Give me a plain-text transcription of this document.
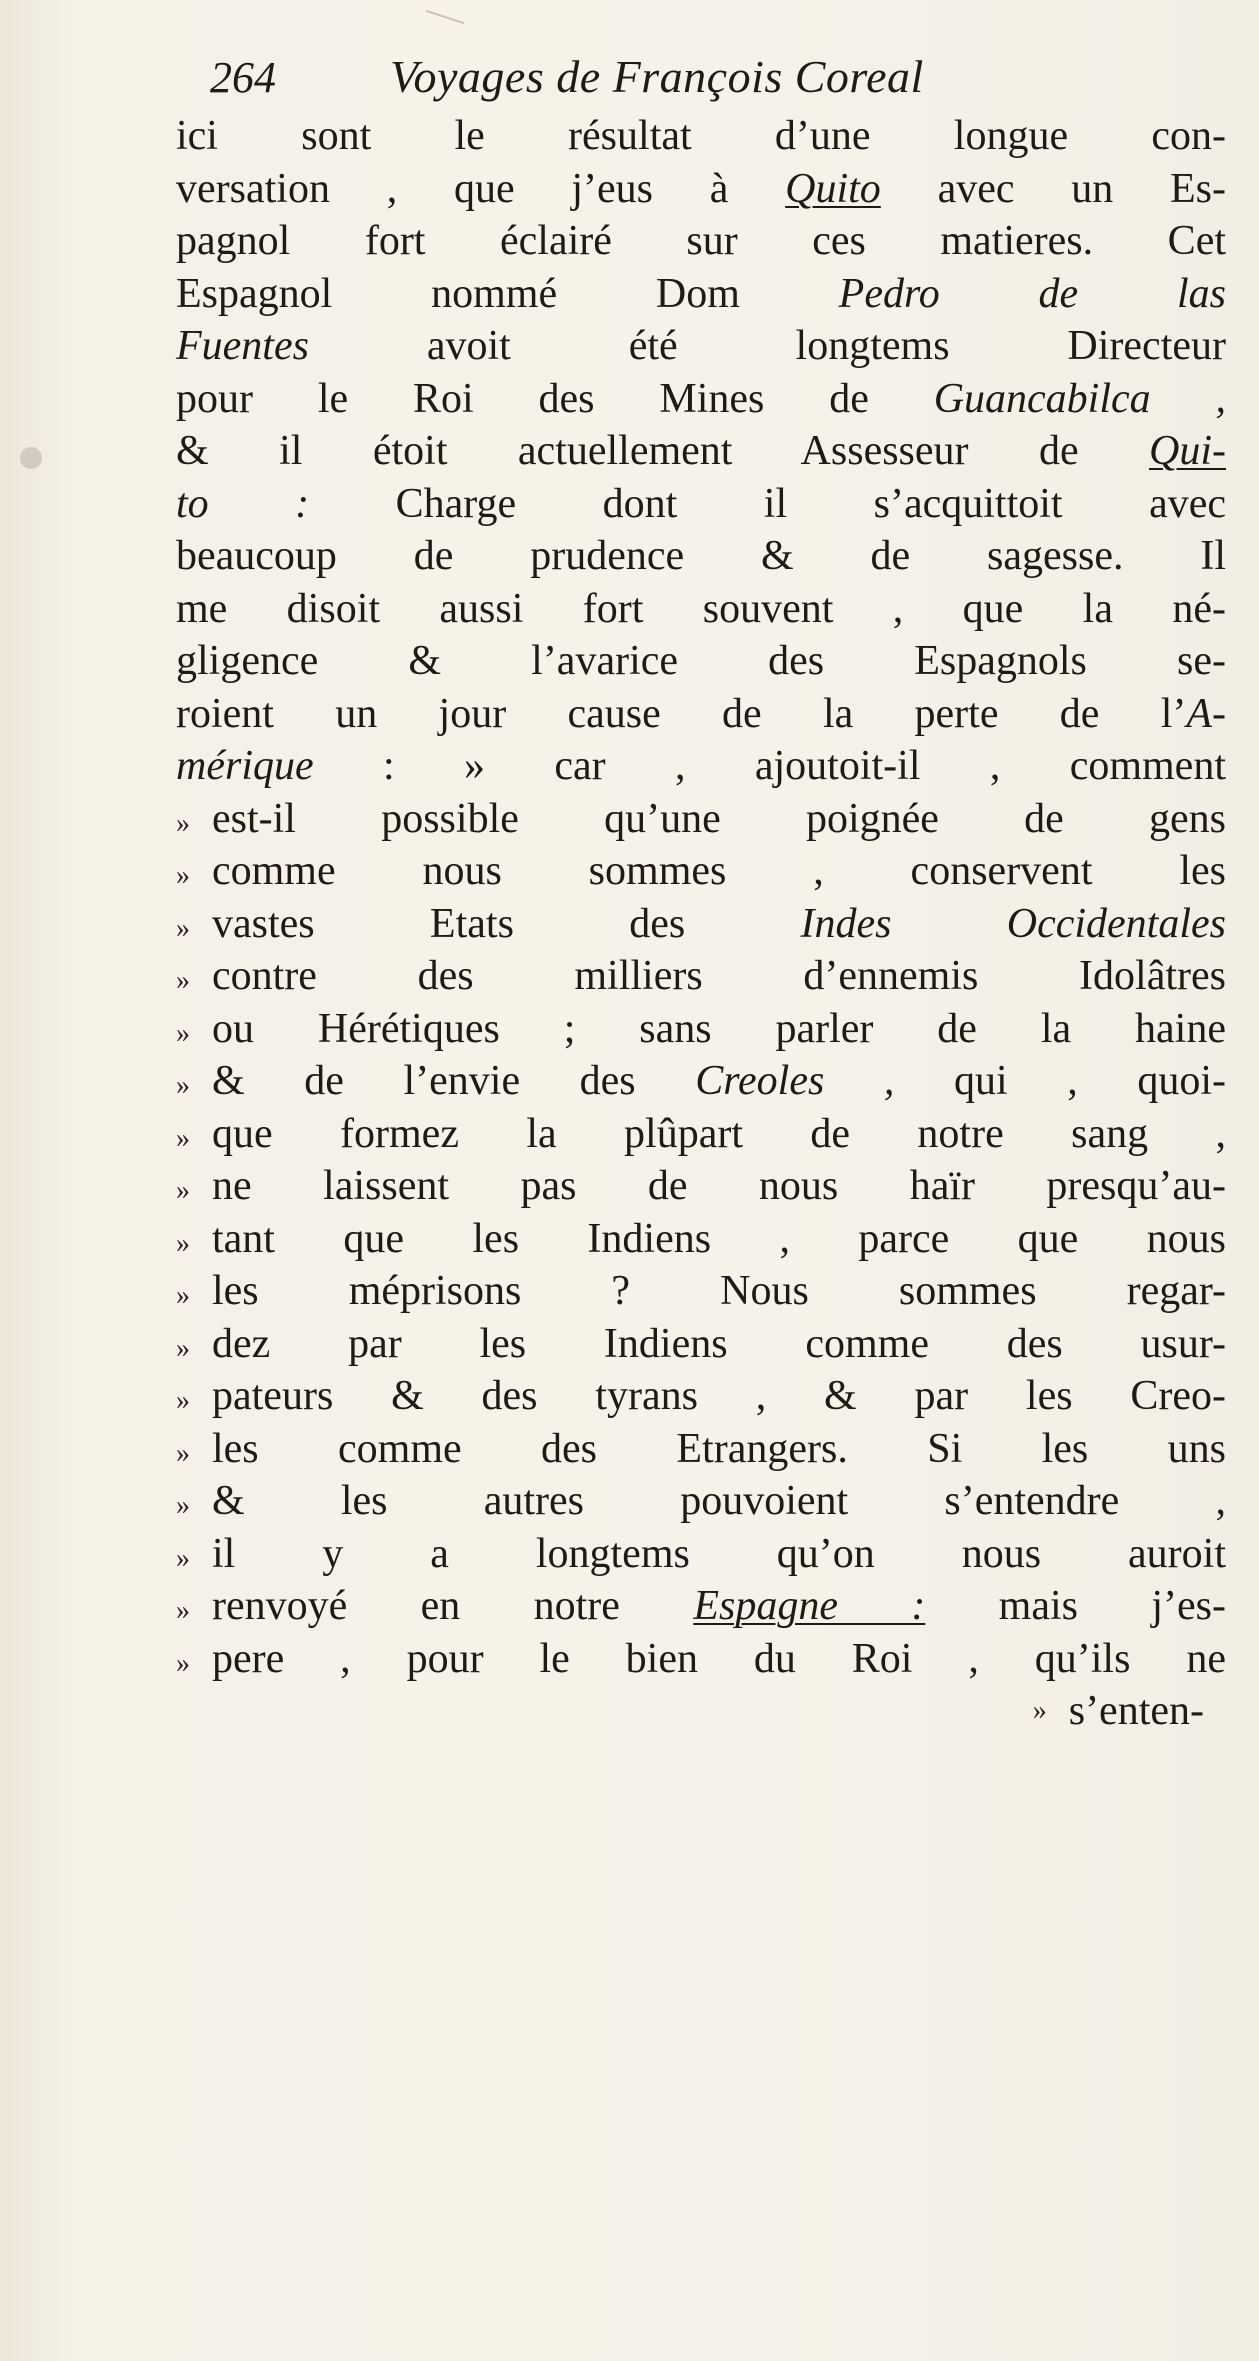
264	Voyages de François Coreal
ici sont le résultat d’une longue con-
versation , que j’eus à Quito avec un Es-
pagnol fort éclairé sur ces matieres. Cet
Espagnol nommé Dom Pedro de las
Fuentes avoit été longtems Directeur
pour le Roi des Mines de Guancabilca ,
& il étoit actuellement Assesseur de Qui-
to : Charge dont il s’acquittoit avec
beaucoup de prudence & de sagesse. Il
me disoit aussi fort souvent , que la né-
gligence & l’avarice des Espagnols se-
roient un jour cause de la perte de l’A-
mérique : » car , ajoutoit-il , comment
» est-il possible qu’une poignée de gens
» comme nous sommes , conservent les
» vastes Etats des Indes Occidentales
» contre des milliers d’ennemis Idolâtres
» ou Hérétiques ; sans parler de la haine
» & de l’envie des Creoles , qui , quoi-
» que formez la plûpart de notre sang ,
» ne laissent pas de nous haïr presqu’au-
» tant que les Indiens , parce que nous
» les méprisons ? Nous sommes regar-
» dez par les Indiens comme des usur-
» pateurs & des tyrans , & par les Creo-
» les comme des Etrangers. Si les uns
» & les autres pouvoient s’entendre ,
» il y a longtems qu’on nous auroit
» renvoyé en notre Espagne : mais j’es-
» pere , pour le bien du Roi , qu’ils ne
» s’enten-
